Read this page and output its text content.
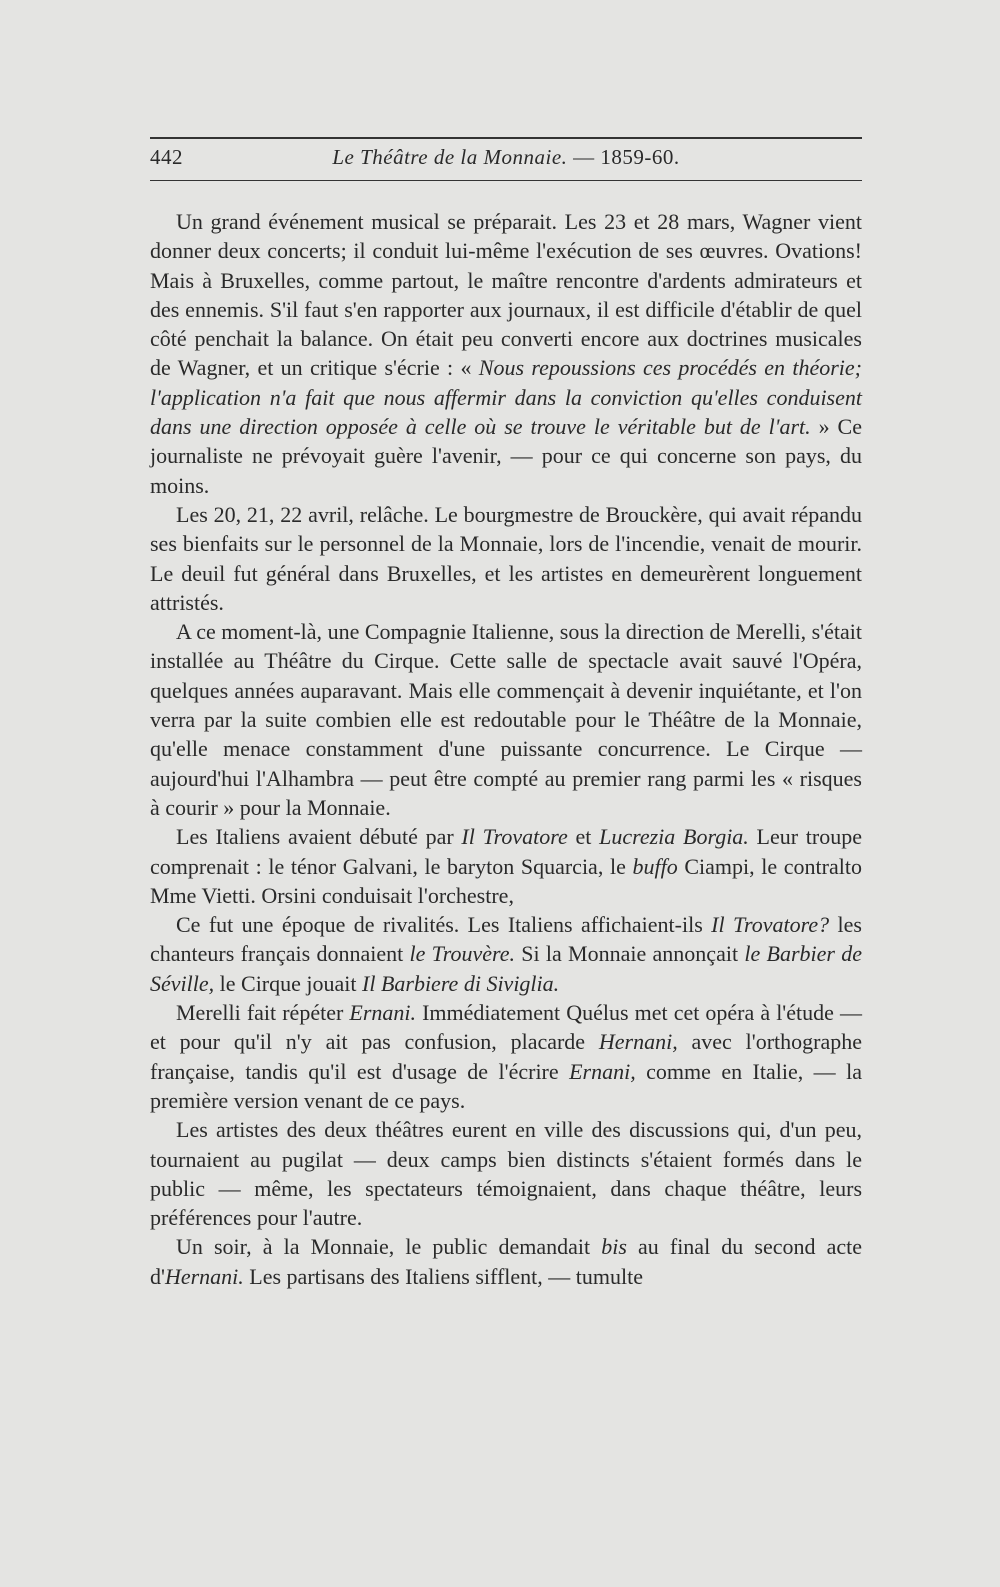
442	Le Théâtre de la Monnaie. — 1859-60.

Un grand événement musical se préparait. Les 23 et 28 mars, Wagner vient donner deux concerts; il conduit lui-même l'exécution de ses œuvres. Ovations! Mais à Bruxelles, comme partout, le maître rencontre d'ardents admirateurs et des ennemis. S'il faut s'en rapporter aux journaux, il est difficile d'établir de quel côté penchait la balance. On était peu converti encore aux doctrines musicales de Wagner, et un critique s'écrie : « Nous repoussions ces procédés en théorie; l'application n'a fait que nous affermir dans la conviction qu'elles conduisent dans une direction opposée à celle où se trouve le véritable but de l'art. » Ce journaliste ne prévoyait guère l'avenir, — pour ce qui concerne son pays, du moins.

Les 20, 21, 22 avril, relâche. Le bourgmestre de Brouckère, qui avait répandu ses bienfaits sur le personnel de la Monnaie, lors de l'incendie, venait de mourir. Le deuil fut général dans Bruxelles, et les artistes en demeurèrent longuement attristés.

A ce moment-là, une Compagnie Italienne, sous la direction de Merelli, s'était installée au Théâtre du Cirque. Cette salle de spectacle avait sauvé l'Opéra, quelques années auparavant. Mais elle commençait à devenir inquiétante, et l'on verra par la suite combien elle est redoutable pour le Théâtre de la Monnaie, qu'elle menace constamment d'une puissante concurrence. Le Cirque — aujourd'hui l'Alhambra — peut être compté au premier rang parmi les « risques à courir » pour la Monnaie.

Les Italiens avaient débuté par Il Trovatore et Lucrezia Borgia. Leur troupe comprenait : le ténor Galvani, le baryton Squarcia, le buffo Ciampi, le contralto Mme Vietti. Orsini conduisait l'orchestre,

Ce fut une époque de rivalités. Les Italiens affichaient-ils Il Trovatore? les chanteurs français donnaient le Trouvère. Si la Monnaie annonçait le Barbier de Séville, le Cirque jouait Il Barbiere di Siviglia.

Merelli fait répéter Ernani. Immédiatement Quélus met cet opéra à l'étude — et pour qu'il n'y ait pas confusion, placarde Hernani, avec l'orthographe française, tandis qu'il est d'usage de l'écrire Ernani, comme en Italie, — la première version venant de ce pays.

Les artistes des deux théâtres eurent en ville des discussions qui, d'un peu, tournaient au pugilat — deux camps bien distincts s'étaient formés dans le public — même, les spectateurs témoignaient, dans chaque théâtre, leurs préférences pour l'autre.

Un soir, à la Monnaie, le public demandait bis au final du second acte d'Hernani. Les partisans des Italiens sifflent, — tumulte
